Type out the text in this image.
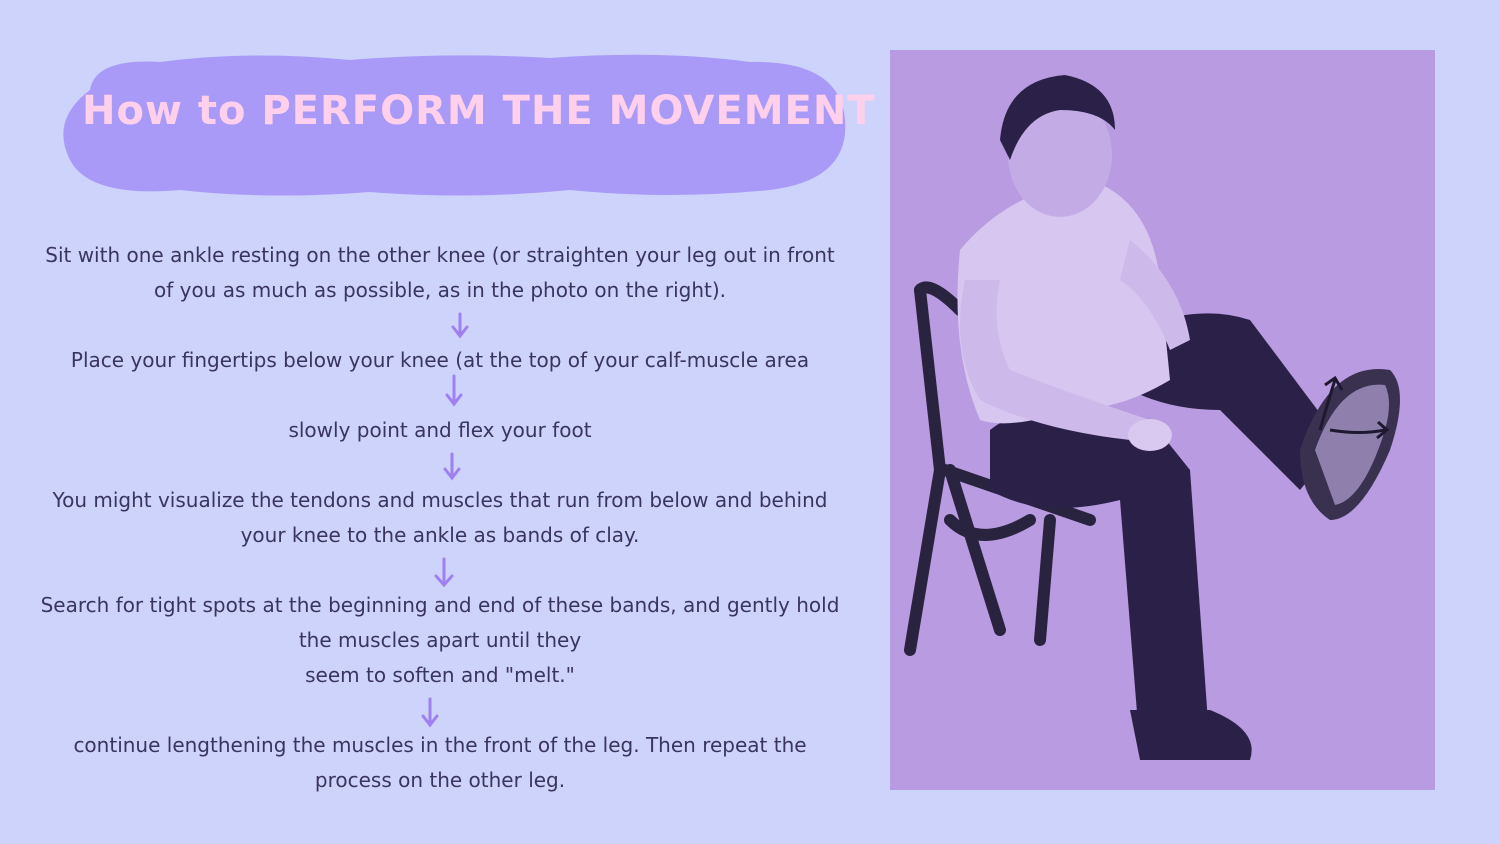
How to PERFORM THE MOVEMENT
Sit with one ankle resting on the other knee (or straighten your leg out in front of you as much as possible, as in the photo on the right).
Place your fingertips below your knee (at the top of your calf-muscle area
slowly point and flex your foot
You might visualize the tendons and muscles that run from below and behind your knee to the ankle as bands of clay.
Search for tight spots at the beginning and end of these bands, and gently hold the muscles apart until they
seem to soften and "melt."
continue lengthening the muscles in the front of the leg. Then repeat the process on the other leg.
